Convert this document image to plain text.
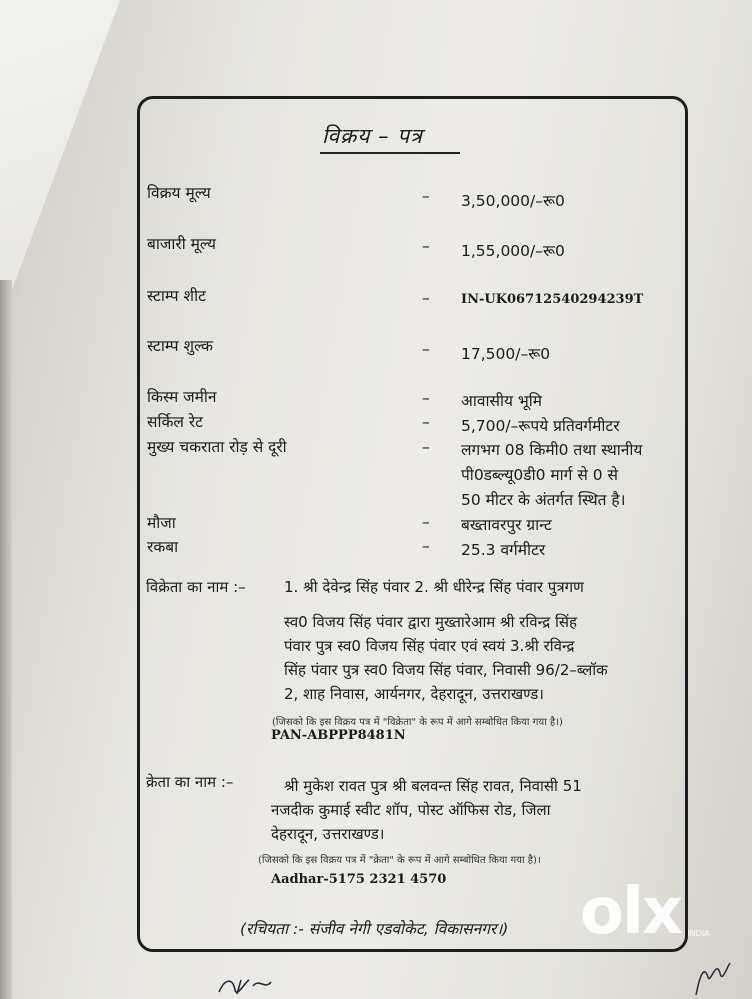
विक्रय – पत्र
विक्रय मूल्य	– 3,50,000/–रू0
बाजारी मूल्य	– 1,55,000/–रू0
स्टाम्प शीट	– IN-UK06712540294239T
स्टाम्प शुल्क	– 17,500/–रू0
किस्म जमीन	– आवासीय भूमि
सर्किल रेट	– 5,700/–रूपये प्रतिवर्गमीटर
मुख्य चकराता रोड़ से दूरी	– लगभग 08 किमी0 तथा स्थानीय
पी0डब्ल्यू0डी0 मार्ग से 0 से
50 मीटर के अंतर्गत स्थित है।
मौजा	– बख्तावरपुर ग्रान्ट
रकबा	– 25.3 वर्गमीटर
विक्रेता का नाम :–	1. श्री देवेन्द्र सिंह पंवार 2. श्री धीरेन्द्र सिंह पंवार पुत्रगण
स्व0 विजय सिंह पंवार द्वारा मुख्तारेआम श्री रविन्द्र सिंह
पंवार पुत्र स्व0 विजय सिंह पंवार एवं स्वयं 3.श्री रविन्द्र
सिंह पंवार पुत्र स्व0 विजय सिंह पंवार, निवासी 96/2–ब्लॉक
2, शाह निवास, आर्यनगर, देहरादून, उत्तराखण्ड।
(जिसको कि इस विक्रय पत्र में "विक्रेता" के रूप में आगे सम्बोधित किया गया है।)
PAN-ABPPP8481N
क्रेता का नाम :–	श्री मुकेश रावत पुत्र श्री बलवन्त सिंह रावत, निवासी 51
नजदीक कुमाई स्वीट शॉप, पोस्ट ऑफिस रोड, जिला
देहरादून, उत्तराखण्ड।
(जिसको कि इस विक्रय पत्र में "क्रेता" के रूप में आगे सम्बोधित किया गया है)।
Aadhar-5175 2321 4570
(रचियता :- संजीव नेगी एडवोकेट, विकासनगर।) olx INDIA
